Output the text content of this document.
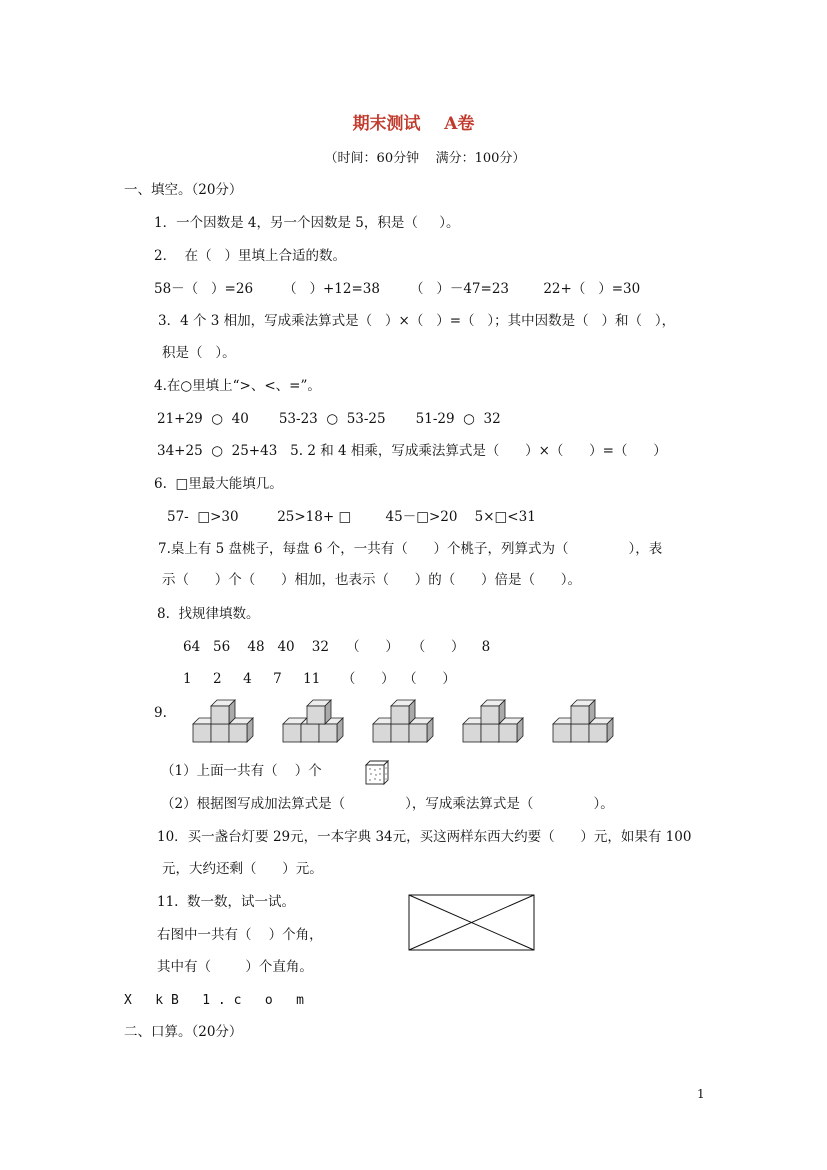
期末测试    A卷
（时间：60分钟    满分：100分）
一、填空。（20分）
1．一个因数是 4，另一个因数是 5，积是（     ）。
2．  在（   ）里填上合适的数。
58－（   ）=26       （   ）+12=38       （   ）－47=23        22+（   ）=30
3．4 个 3 相加，写成乘法算式是（   ）×（   ）=（   ）；其中因数是（   ）和（   ），
积是（   ）。
4.在○里填上“>、<、=”。
21+29  ○  40       53-23  ○  53-25       51-29  ○  32
34+25  ○  25+43   5. 2 和 4 相乘，写成乘法算式是（      ）×（      ）=（      ）
6.  □里最大能填几。
57-  □>30         25>18+ □        45－□>20    5×□<31
7.桌上有 5 盘桃子，每盘 6 个，一共有（      ）个桃子，列算式为（              ），表
示（      ）个（      ）相加，也表示（      ）的（      ）倍是（      ）。
8.  找规律填数。
64   56    48   40    32    （      ）   （      ）    8
1     2     4     7     11     （      ）  （      ）
9.
（1）上面一共有（    ）个
（2）根据图写成加法算式是（              ），写成乘法算式是（              ）。
10．买一盏台灯要 29元，一本字典 34元，买这两样东西大约要（      ）元，如果有 100
元，大约还剩（      ）元。
11.  数一数，试一试。
右图中一共有（    ）个角，
其中有（        ）个直角。
X   k B   1 . c   o   m
二、口算。（20分）
1
